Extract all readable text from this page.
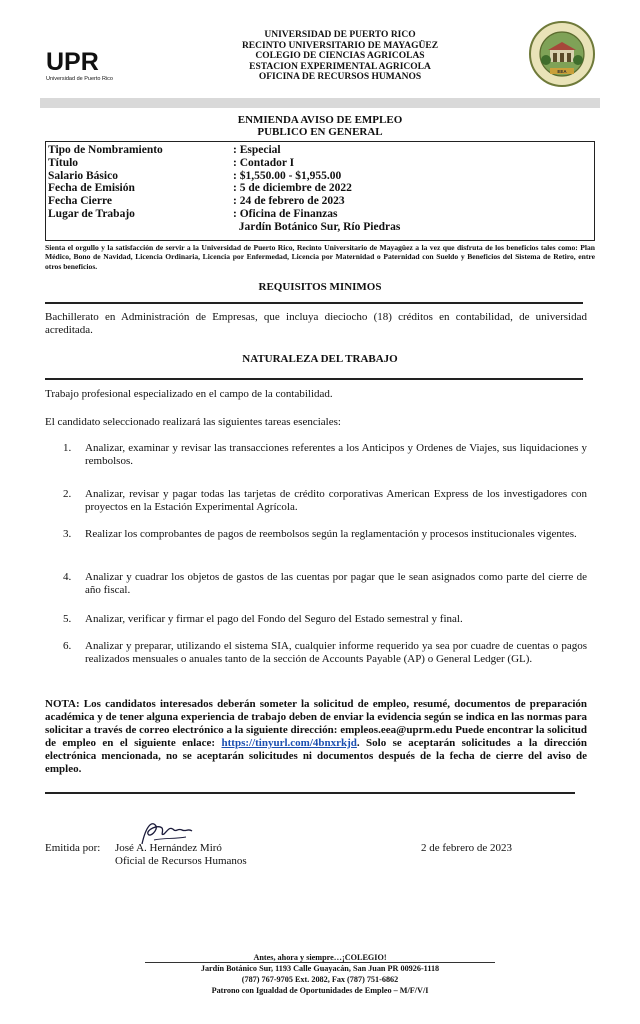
UPR
Universidad de Puerto Rico
UNIVERSIDAD DE PUERTO RICO
RECINTO UNIVERSITARIO DE MAYAGÜEZ
COLEGIO DE CIENCIAS AGRICOLAS
ESTACION EXPERIMENTAL AGRICOLA
OFICINA DE RECURSOS HUMANOS
EEA
ENMIENDA AVISO DE EMPLEO
PUBLICO EN GENERAL
Tipo de Nombramiento	: Especial
Título	: Contador I
Salario Básico	: $1,550.00 - $1,955.00
Fecha de Emisión	: 5 de diciembre de 2022
Fecha Cierre	: 24 de febrero de 2023
Lugar de Trabajo	: Oficina de Finanzas
Jardín Botánico Sur, Río Piedras
Sienta el orgullo y la satisfacción de servir a la Universidad de Puerto Rico, Recinto Universitario de Mayagüez a la vez que disfruta de los beneficios tales como: Plan Médico, Bono de Navidad, Licencia Ordinaria, Licencia por Enfermedad, Licencia por Maternidad o Paternidad con Sueldo y Beneficios del Sistema de Retiro, entre otros beneficios.
REQUISITOS MINIMOS
Bachillerato en Administración de Empresas, que incluya dieciocho (18) créditos en contabilidad, de universidad acreditada.
NATURALEZA DEL TRABAJO
Trabajo profesional especializado en el campo de la contabilidad.
El candidato seleccionado realizará las siguientes tareas esenciales:
1.	Analizar, examinar y revisar las transacciones referentes a los Anticipos y Ordenes de Viajes, sus liquidaciones y rembolsos.
2.	Analizar, revisar y pagar todas las tarjetas de crédito corporativas American Express de los investigadores con proyectos en la Estación Experimental Agrícola.
3.	Realizar los comprobantes de pagos de reembolsos según la reglamentación y procesos institucionales vigentes.
4.	Analizar y cuadrar los objetos de gastos de las cuentas por pagar que le sean asignados como parte del cierre de año fiscal.
5.	Analizar, verificar y firmar el pago del Fondo del Seguro del Estado semestral y final.
6.	Analizar y preparar, utilizando el sistema SIA, cualquier informe requerido ya sea por cuadre de cuentas o pagos realizados mensuales o anuales tanto de la sección de Accounts Payable (AP) o General Ledger (GL).
NOTA: Los candidatos interesados deberán someter la solicitud de empleo, resumé, documentos de preparación académica y de tener alguna experiencia de trabajo deben de enviar la evidencia según se indica en las normas para solicitar a través de correo electrónico a la siguiente dirección: empleos.eea@uprm.edu Puede encontrar la solicitud de empleo en el siguiente enlace: https://tinyurl.com/4bnxrkjd. Solo se aceptarán solicitudes a la dirección electrónica mencionada, no se aceptarán solicitudes ni documentos después de la fecha de cierre del aviso de empleo.
Emitida por: José A. Hernández Miró
Oficial de Recursos Humanos
2 de febrero de 2023
Antes, ahora y siempre…¡COLEGIO!
Jardín Botánico Sur, 1193 Calle Guayacán, San Juan PR 00926-1118
(787) 767-9705 Ext. 2082, Fax (787) 751-6862
Patrono con Igualdad de Oportunidades de Empleo – M/F/V/I
